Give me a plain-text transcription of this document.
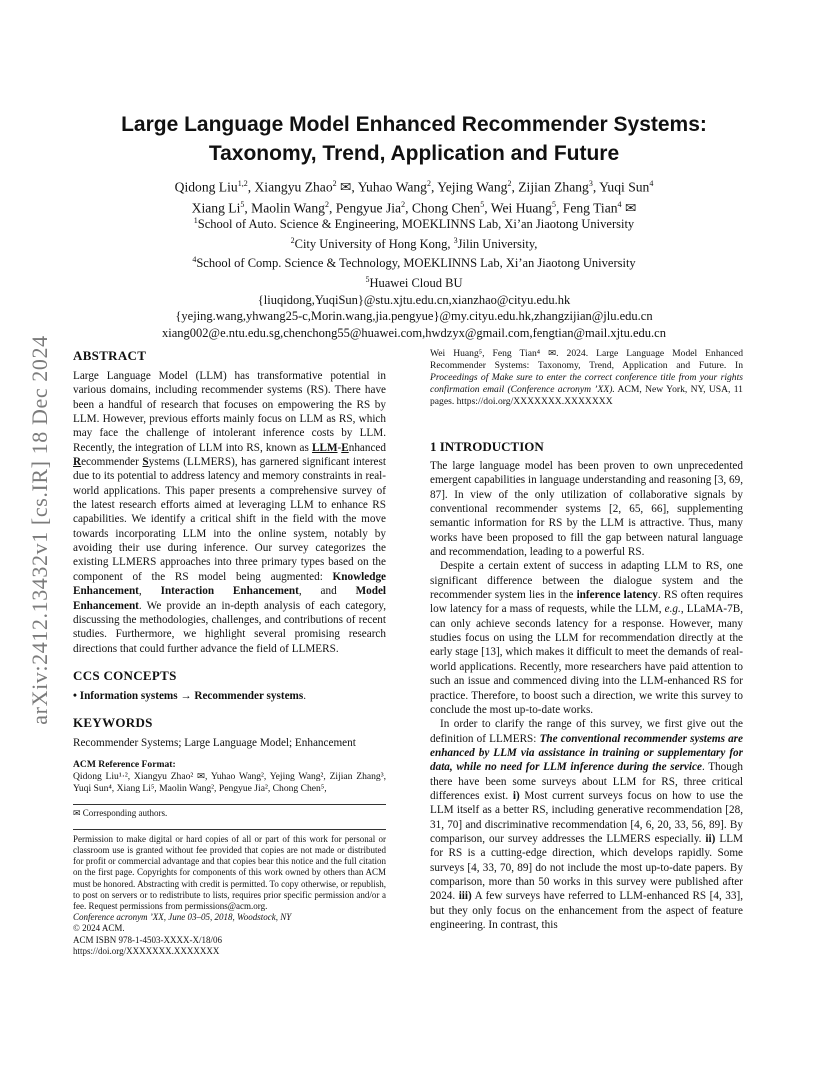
arXiv:2412.13432v1 [cs.IR] 18 Dec 2024
Large Language Model Enhanced Recommender Systems:
Taxonomy, Trend, Application and Future
Qidong Liu$^{1,2}$, Xiangyu Zhao$^2$ ✉, Yuhao Wang$^2$, Yejing Wang$^2$, Zijian Zhang$^3$, Yuqi Sun$^4$
Xiang Li$^5$, Maolin Wang$^2$, Pengyue Jia$^2$, Chong Chen$^5$, Wei Huang$^5$, Feng Tian$^4$ ✉
$^1$School of Auto. Science & Engineering, MOEKLINNS Lab, Xi’an Jiaotong University
$^2$City University of Hong Kong, $^3$Jilin University,
$^4$School of Comp. Science & Technology, MOEKLINNS Lab, Xi’an Jiaotong University
$^5$Huawei Cloud BU
{liuqidong,YuqiSun}@stu.xjtu.edu.cn,xianzhao@cityu.edu.hk
{yejing.wang,yhwang25-c,Morin.wang,jia.pengyue}@my.cityu.edu.hk,zhangzijian@jlu.edu.cn
xiang002@e.ntu.edu.sg,chenchong55@huawei.com,hwdzyx@gmail.com,fengtian@mail.xjtu.edu.cn
ABSTRACT

Large Language Model (LLM) has transformative potential in various domains, including recommender systems (RS). There have been a handful of research that focuses on empowering the RS by LLM. However, previous efforts mainly focus on LLM as RS, which may face the challenge of intolerant inference costs by LLM. Recently, the integration of LLM into RS, known as LLM-Enhanced Recommender Systems (LLMERS), has garnered significant interest due to its potential to address latency and memory constraints in real-world applications. This paper presents a comprehensive survey of the latest research efforts aimed at leveraging LLM to enhance RS capabilities. We identify a critical shift in the field with the move towards incorporating LLM into the online system, notably by avoiding their use during inference. Our survey categorizes the existing LLMERS approaches into three primary types based on the component of the RS model being augmented: Knowledge Enhancement, Interaction Enhancement, and Model Enhancement. We provide an in-depth analysis of each category, discussing the methodologies, challenges, and contributions of recent studies. Furthermore, we highlight several promising research directions that could further advance the field of LLMERS.

CCS CONCEPTS

• Information systems → Recommender systems.

KEYWORDS

Recommender Systems; Large Language Model; Enhancement

ACM Reference Format:

Qidong Liu¹·², Xiangyu Zhao² ✉, Yuhao Wang², Yejing Wang², Zijian Zhang³, Yuqi Sun⁴, Xiang Li⁵, Maolin Wang², Pengyue Jia², Chong Chen⁵,

✉ Corresponding authors.

Permission to make digital or hard copies of all or part of this work for personal or classroom use is granted without fee provided that copies are not made or distributed for profit or commercial advantage and that copies bear this notice and the full citation on the first page. Copyrights for components of this work owned by others than ACM must be honored. Abstracting with credit is permitted. To copy otherwise, or republish, to post on servers or to redistribute to lists, requires prior specific permission and/or a fee. Request permissions from permissions@acm.org.

Conference acronym ’XX, June 03–05, 2018, Woodstock, NY

© 2024 ACM.

ACM ISBN 978-1-4503-XXXX-X/18/06

https://doi.org/XXXXXXX.XXXXXXX

Wei Huang⁵, Feng Tian⁴ ✉. 2024. Large Language Model Enhanced Recommender Systems: Taxonomy, Trend, Application and Future. In Proceedings of Make sure to enter the correct conference title from your rights confirmation email (Conference acronym ’XX). ACM, New York, NY, USA, 11 pages. https://doi.org/XXXXXXX.XXXXXXX

1 INTRODUCTION

The large language model has been proven to own unprecedented emergent capabilities in language understanding and reasoning [3, 69, 87]. In view of the only utilization of collaborative signals by conventional recommender systems [2, 65, 66], supplementing semantic information for RS by the LLM is attractive. Thus, many works have been proposed to fill the gap between natural language and recommendation, leading to a powerful RS.

Despite a certain extent of success in adapting LLM to RS, one significant difference between the dialogue system and the recommender system lies in the inference latency. RS often requires low latency for a mass of requests, while the LLM, e.g., LLaMA-7B, can only achieve seconds latency for a response. However, many studies focus on using the LLM for recommendation directly at the early stage [13], which makes it difficult to meet the demands of real-world applications. Recently, more researchers have paid attention to such an issue and commenced diving into the LLM-enhanced RS for practice. Therefore, to boost such a direction, we write this survey to conclude the most up-to-date works.

In order to clarify the range of this survey, we first give out the definition of LLMERS: The conventional recommender systems are enhanced by LLM via assistance in training or supplementary for data, while no need for LLM inference during the service. Though there have been some surveys about LLM for RS, three critical differences exist. i) Most current surveys focus on how to use the LLM itself as a better RS, including generative recommendation [28, 31, 70] and discriminative recommendation [4, 6, 20, 33, 56, 89]. By comparison, our survey addresses the LLMERS especially. ii) LLM for RS is a cutting-edge direction, which develops rapidly. Some surveys [4, 33, 70, 89] do not include the most up-to-date papers. By comparison, more than 50 works in this survey were published after 2024. iii) A few surveys have referred to LLM-enhanced RS [4, 33], but they only focus on the enhancement from the aspect of feature engineering. In contrast, this
